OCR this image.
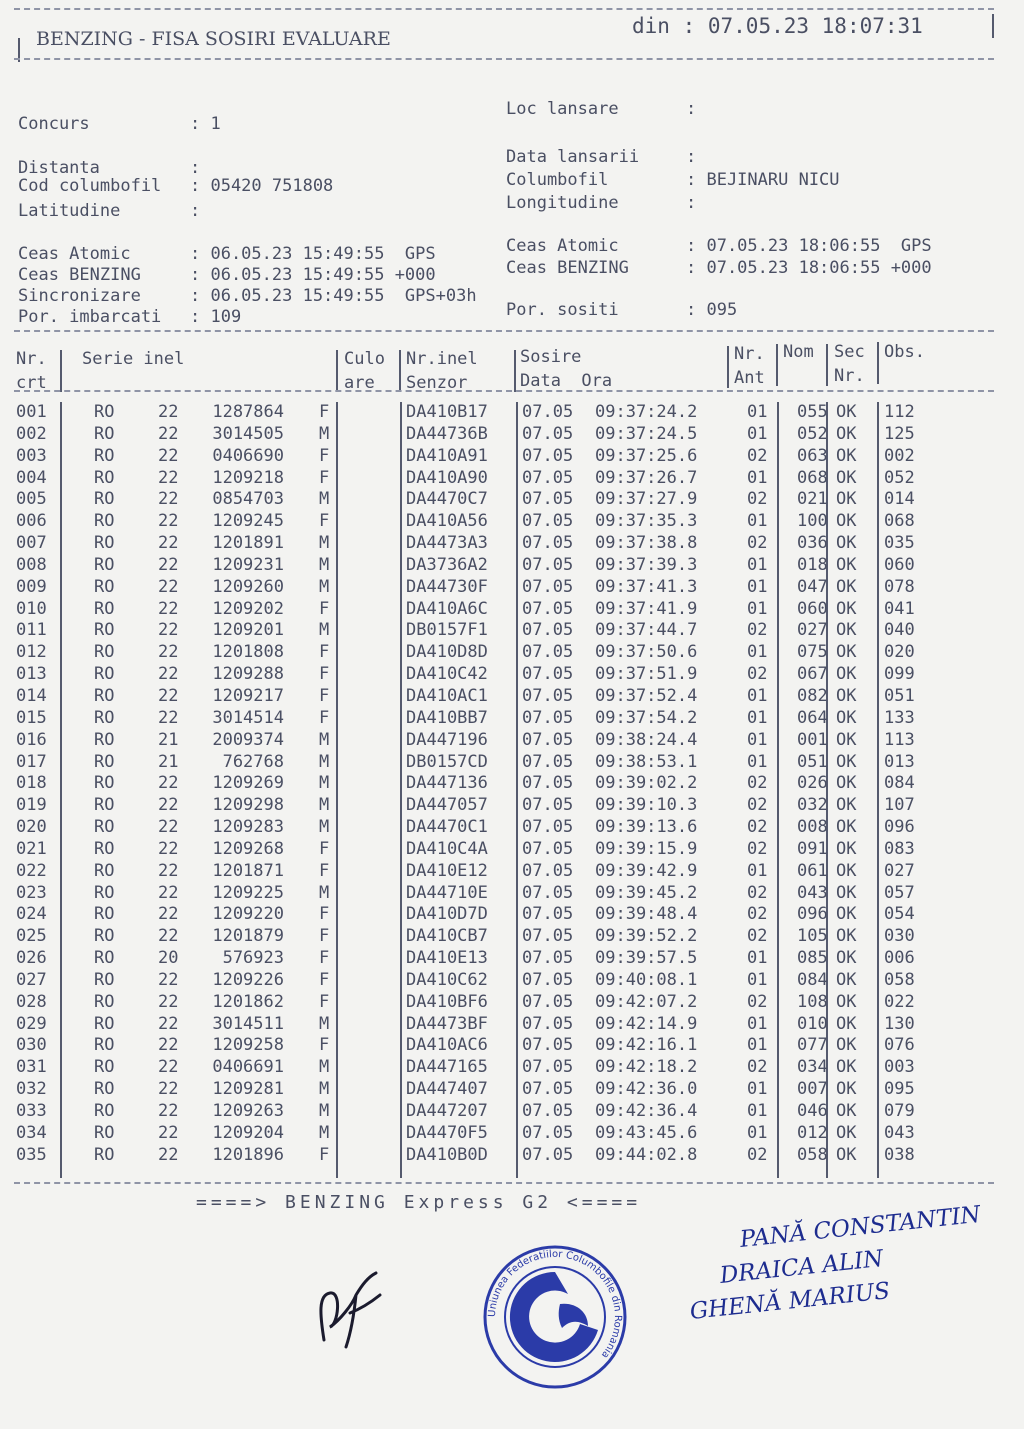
BENZING - FISA SOSIRI EVALUARE
din : 07.05.23 18:07:31
Concurs	: 1
Distanta	:
Cod columbofil : 05420 751808
Latitudine	:
Loc lansare	:
Data lansarii	:
Columbofil	: BEJINARU NICU
Longitudine	:
Ceas Atomic	: 06.05.23 15:49:55  GPS
Ceas BENZING	: 06.05.23 15:49:55 +000
Sincronizare	: 06.05.23 15:49:55  GPS+03h
Por. imbarcati : 109
Ceas Atomic	: 07.05.23 18:06:55  GPS
Ceas BENZING	: 07.05.23 18:06:55 +000
Por. sositi	: 095
Nr.
crt
Serie inel	Culo
are
Nr.inel
Senzor
Sosire
Data  Ora
Nr.
Ant
Nom Sec
Nr.
Obs.
001	RO	22	1287864 F	DA410B17 07.05 09:37:24.2	01 055 OK 112
002	RO	22	3014505 M	DA44736B 07.05 09:37:24.5	01 052 OK 125
003	RO	22	0406690 F	DA410A91 07.05 09:37:25.6	02 063 OK 002
004	RO	22	1209218 F	DA410A90 07.05 09:37:26.7	01 068 OK 052
005	RO	22	0854703 M	DA4470C7 07.05 09:37:27.9	02 021 OK 014
006	RO	22	1209245 F	DA410A56 07.05 09:37:35.3	01 100 OK 068
007	RO	22	1201891 M	DA4473A3 07.05 09:37:38.8	02 036 OK 035
008	RO	22	1209231 M	DA3736A2 07.05 09:37:39.3	01 018 OK 060
009	RO	22	1209260 M	DA44730F 07.05 09:37:41.3	01 047 OK 078
010	RO	22	1209202 F	DA410A6C 07.05 09:37:41.9	01 060 OK 041
011	RO	22	1209201 M	DB0157F1 07.05 09:37:44.7	02 027 OK 040
012	RO	22	1201808 F	DA410D8D 07.05 09:37:50.6	01 075 OK 020
013	RO	22	1209288 F	DA410C42 07.05 09:37:51.9	02 067 OK 099
014	RO	22	1209217 F	DA410AC1 07.05 09:37:52.4	01 082 OK 051
015	RO	22	3014514 F	DA410BB7 07.05 09:37:54.2	01 064 OK 133
016	RO	21	2009374 M	DA447196 07.05 09:38:24.4	01 001 OK 113
017	RO	21	762768 M	DB0157CD 07.05 09:38:53.1	01 051 OK 013
018	RO	22	1209269 M	DA447136 07.05 09:39:02.2	02 026 OK 084
019	RO	22	1209298 M	DA447057 07.05 09:39:10.3	02 032 OK 107
020	RO	22	1209283 M	DA4470C1 07.05 09:39:13.6	02 008 OK 096
021	RO	22	1209268 F	DA410C4A 07.05 09:39:15.9	02 091 OK 083
022	RO	22	1201871 F	DA410E12 07.05 09:39:42.9	01 061 OK 027
023	RO	22	1209225 M	DA44710E 07.05 09:39:45.2	02 043 OK 057
024	RO	22	1209220 F	DA410D7D 07.05 09:39:48.4	02 096 OK 054
025	RO	22	1201879 F	DA410CB7 07.05 09:39:52.2	02 105 OK 030
026	RO	20	576923 F	DA410E13 07.05 09:39:57.5	01 085 OK 006
027	RO	22	1209226 F	DA410C62 07.05 09:40:08.1	01 084 OK 058
028	RO	22	1201862 F	DA410BF6 07.05 09:42:07.2	02 108 OK 022
029	RO	22	3014511 M	DA4473BF 07.05 09:42:14.9	01 010 OK 130
030	RO	22	1209258 F	DA410AC6 07.05 09:42:16.1	01 077 OK 076
031	RO	22	0406691 M	DA447165 07.05 09:42:18.2	02 034 OK 003
032	RO	22	1209281 M	DA447407 07.05 09:42:36.0	01 007 OK 095
033	RO	22	1209263 M	DA447207 07.05 09:42:36.4	01 046 OK 079
034	RO	22	1209204 M	DA4470F5 07.05 09:43:45.6	01 012 OK 043
035	RO	22	1201896 F	DA410B0D 07.05 09:44:02.8	02 058 OK 038
====> BENZING Express G2 <====
Uniunea Federatiilor Columbofile din Romania
PANĂ CONSTANTIN
DRAICA ALIN
GHENĂ MARIUS
